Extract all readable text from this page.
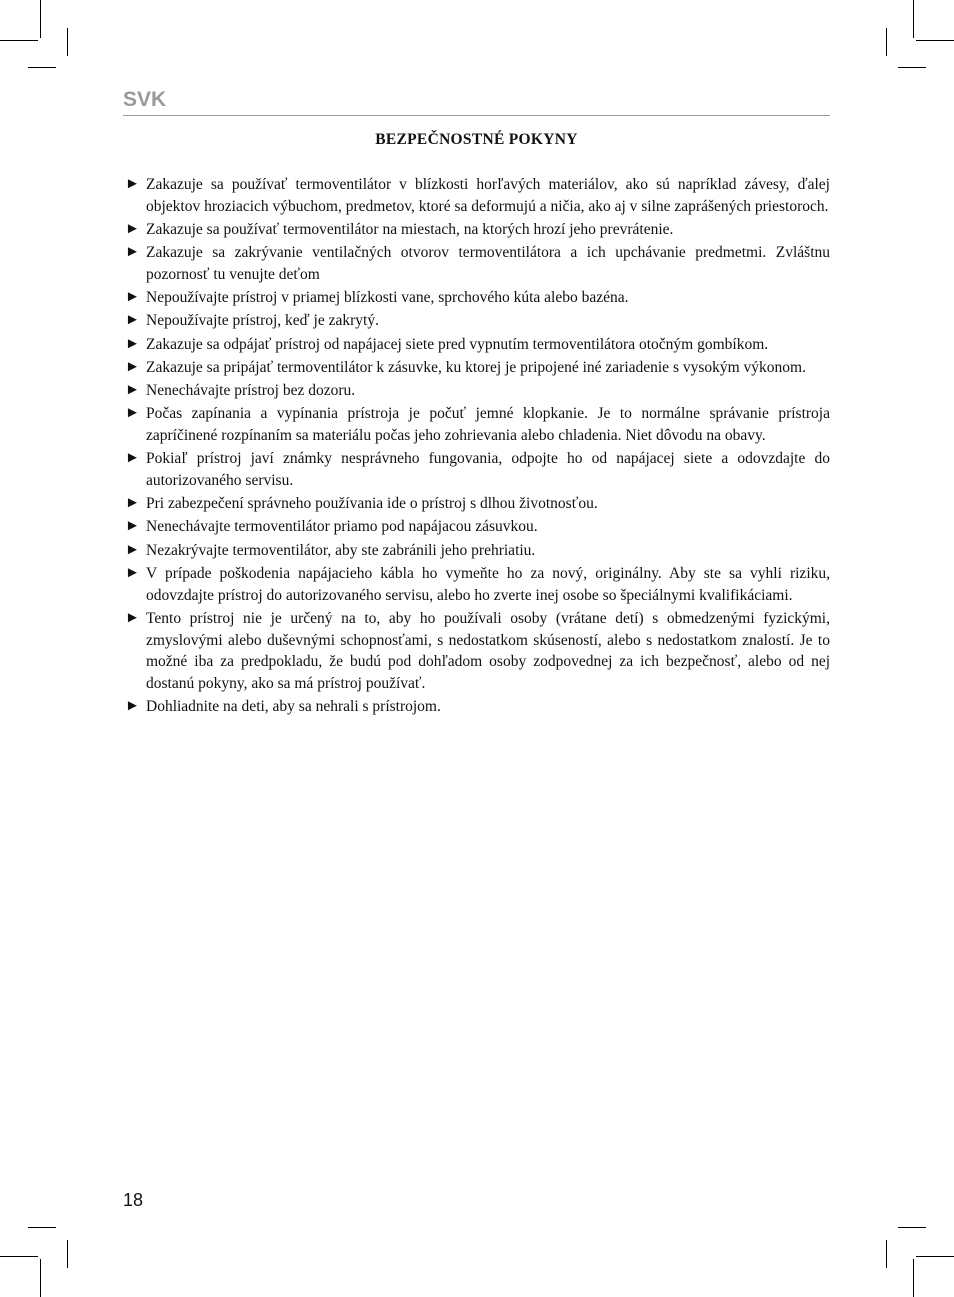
SVK

BEZPEČNOSTNÉ POKYNY
► Zakazuje sa používať termoventilátor v blízkosti horľavých materiálov, ako sú napríklad závesy, ďalej objektov hroziacich výbuchom, predmetov, ktoré sa deformujú a ničia, ako aj v silne zaprášených priestoroch.
► Zakazuje sa používať termoventilátor na miestach, na ktorých hrozí jeho prevrátenie.
► Zakazuje sa zakrývanie ventilačných otvorov termoventilátora a ich upchávanie predmetmi. Zvláštnu pozornosť tu venujte deťom
► Nepoužívajte prístroj v priamej blízkosti vane, sprchového kúta alebo bazéna.
► Nepoužívajte prístroj, keď je zakrytý.
► Zakazuje sa odpájať prístroj od napájacej siete pred vypnutím termoventilátora otočným gombíkom.
► Zakazuje sa pripájať termoventilátor k zásuvke, ku ktorej je pripojené iné zariadenie s vysokým výkonom.
► Nenechávajte prístroj bez dozoru.
► Počas zapínania a vypínania prístroja je počuť jemné klopkanie. Je to normálne správanie prístroja zapríčinené rozpínaním sa materiálu počas jeho zohrievania alebo chladenia. Niet dôvodu na obavy.
► Pokiaľ prístroj javí známky nesprávneho fungovania, odpojte ho od napájacej siete a odovzdajte do autorizovaného servisu.
► Pri zabezpečení správneho používania ide o prístroj s dlhou životnosťou.
► Nenechávajte termoventilátor priamo pod napájacou zásuvkou.
► Nezakrývajte termoventilátor, aby ste zabránili jeho prehriatiu.
► V prípade poškodenia napájacieho kábla ho vymeňte ho za nový, originálny. Aby ste sa vyhli riziku, odovzdajte prístroj do autorizovaného servisu, alebo ho zverte inej osobe so špeciálnymi kvalifikáciami.
► Tento prístroj nie je určený na to, aby ho používali osoby (vrátane detí) s obmedzenými fyzickými, zmyslovými alebo duševnými schopnosťami, s nedostatkom skúseností, alebo s nedostatkom znalostí. Je to možné iba za predpokladu, že budú pod dohľadom osoby zodpovednej za ich bezpečnosť, alebo od nej dostanú pokyny, ako sa má prístroj používať.
► Dohliadnite na deti, aby sa nehrali s prístrojom.

18
